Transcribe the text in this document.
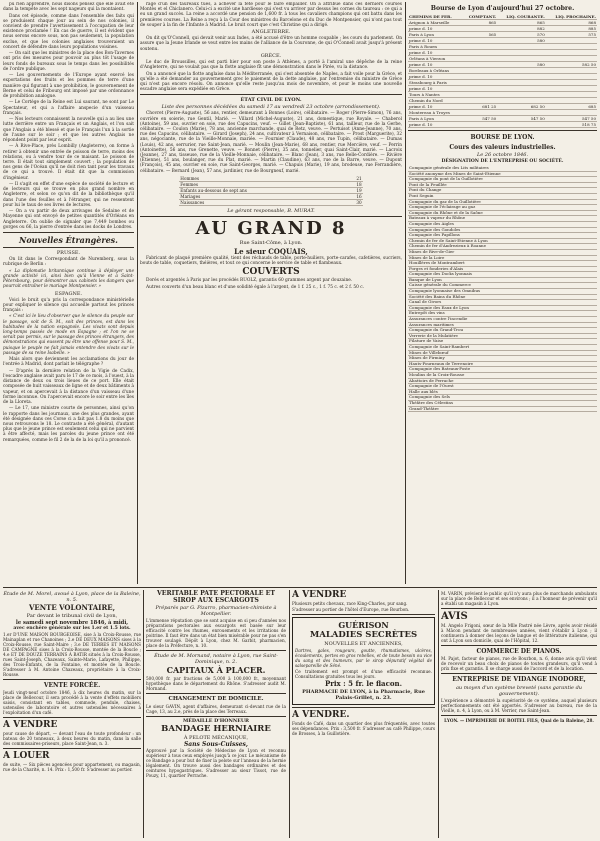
pu rien apprendre, nous disons pensez que elle avait été dans la tempête avec les sept nageurs qui la montaient.

Dans cet épisode, comme dans l'ensemble des faits qui se produisent chaque jour au sein de nos colonies, il convient de prendre l'avertissement à l'occupation de leur existence proclamée ! En cas de guerre, il est évident que nous serons encore sous, non pas seulement, la population exclue, et que les colonies anglaises trouveraient un concert de défendre dans leurs populations voisines.

— On sait que les ministres de la place des Bon-Tavernes ont pris des mesures pour pouvoir au plus tôt l'usage de leurs fonds de bureaux sous le temps dans les possibilités de l'ordre publique.

— Les gouvernements de l'Europe ayant exercé les exportations des fruits et les pommes de terre d'une manière qui figurant à une prohibition, le gouvernement de Berne et celui de Fribourg ont imposé par une ordonnance de prohibition analogue.

— Le Cortège de la Reine est Lui saurant, ne sont par Le Spectateur, et qui a l'affaire anspecie d'un vaisseau français.

— Nos lecteurs connaissent la nouvelle qui a au lieu une lutte derrière entre un Français et un Anglais, et l'on sait que l'Anglais a été blessé et que le Français l'un à la sortie de l'aune sur le soir ; et que les autres Anglais ne répondent point par leur esprit.

— À Rive-Place, près Lombilly (Angleterre), on forme à retirer à obtenir une entrée de poisson de terre, moins des relations, ou à vendre tour de ce maisant. Le poisson de terre. Il était tout simplement couvert ; la population de nos gens de l'Océan qu'il ne doit rien tant pour les travaux de ce qui a trouvé. Il était dit que la commission d'ingénieur.

— Il s'agit en effet d'une espèce de société de lecture et de lecteurs qui se trouve en plus grand nombre en Angleterre, et selon ce qu'on dit de la bibliothèque qu'il dans l'une des feuilles et à l'étranger, qui ne ressentent pour lui le taux de ses livres de lectures.

— On a vu partir de deux arrivages de Sedaine et de Mayenne qui ont envoyé de petites quantités d'Orléans en Angleterre. On oublie de signaler que 7,449 bombes ou gorges ou 66, la pierre d'entrée dans les docks de Londres.

Nouvelles Étrangères.
PRUSSE.

On lit dans le Correspondant de Nuremberg, sous la rubrique de Berlin :

« La diplomatie britannique continue à déployer une grande activité ici, ainsi bien qu'à Vienne et à Saint-Pétersbourg, pour démontrer aux cabinets les dangers que pourrait entraîner le mariage Montpensier. »

ESPAGNE.

Voici le bruit qu'a pris la correspondance ministérielle pour expliquer le silence qui accueille partout les princes français :

« C'est ici le lieu d'observer que le silence du peuple sur le passage, soit de S. M., soit des princes, est dans les habitudes de la nation espagnole. Les vivats sont depuis long-temps passés de mode en Espagne ; et l'on ne se serait pas permis, sur le passage des princes étrangers, des démonstrations qui eussent pu être une offense pour S. M., puisque le peuple ne fait jamais entendre des vivats sur le passage de sa reine Isabelle. »

Mais alors que deviennent les acclamations du jour de l'entrée à Madrid, dont parlait le télégraphe ?

— D'après la dernière relation de la Vigie de Cadix, l'escadre anglaise avait paru le 17 de ce mois, à l'ouest, à la distance de deux ou trois lieues de ce port. Elle était composée de huit vaisseaux de ligne et de deux bâtiments à vapeur, et on apercevait à la distance d'un vaisseau d'une forme inconnue. On l'apercevait encore le soir entre les îles de la Lloreta.

— Le 17, une ministre courte de personnes, ainsi qu'on le rapporte dans les journaux, une des plus grandes, ayant été désignée dans ces Corse ci a fait pas 1.8 du moins que nous retrouvons le 18. Le contraste a été général, d'autant plus que le jeune prince est seulement celui qui ne parvient à être affecté, mais les paroles du jeune prince ont été remarquées, comme le fil 2 de la de la loi qu'il a prononcé.

rage d'un des taureaux tués, à achever la fête pour le faire empailler. On a attribué dans ces derniers courses Montès et el Chiclanero. Celui-ci a excité une hardiesse qui s'est vu arriver par dessus les cornes du taureau : ce qui a eu un grand succès. La reine a accordé une pension de 1,600 fr. à tous les cavaliers champions qui ont battu dans les premières courses. La Reine a reçu à la Cour des ministres du Barcelone et du Duc de Montpensier, qui n'ont pas tout de souper à la fin de l'Infante à Madrid. Le bruit court que c'est Christine qui a dirigé.

ANGLETERRE.

On dit qu'O'Connell, qui devait venir aux Indes, a été accusé d'être un homme coupable ; les cours du parlement. On assure que la Jeune Irlande se veut entre les mains de l'alliance de la Couronne, de qui O'Connell avait jusqu'à présent soutenu.

GRÈCE.

Le duc de Broussilles, qui est parti hier pour son poste à Athènes, a porté à l'amiral une dépêche de la reine d'Angleterre, qui ne voulait pas que la flotte anglaise fît une démonstration dans le Pirée, vu la distance.

On a annoncé que la flotte anglaise dans la Méditerranée, qui s'est absentée de Naples, a fait voile pour la Grèce, et qu'elle a été demander au gouvernement grec le paiement de la dette anglaise, par l'entremise du ministre de Grèce qui n'est pas encore résolu. On annonce qu'elle reste jusqu'au mois de novembre, et pour le moins une nouvelle escadre anglaise sera expédiée en Grèce.

ÉTAT CIVIL DE LYON.
Liste des personnes décédées du samedi 17 au vendredi 23 octobre (arrondissement).

Chovret (Pierre-Auguste), 56 ans, rentier, demeurant à Bonnes (Loire), célibataire. — Roger (Pierre-Simon), 76 ans, ouvrière en soierie, rue Gentil, Marié. — Villard (Michel-Auguste), 21 ans, domestique, rue Royale. — Chaberol (Antoine), 59 ans, ouvrier en soie, rue des Capucins, veuf. — Gillet (Jean-Baptiste), 61 ans, tailleur, rue de la Gerbe, célibataire. — Coulon (Marie), 78 ans, ancienne marchande, quai de Retz, veuve. — Pertuisot (Anne-Jeanne), 70 ans, rue des Capucins, célibataire. — Girard (Joseph), 24 ans, cultivateur à Vernaison, célibataire. — Prost (Marguerite), 32 ans, négociante, rue de la Vieille-Monnaie, mariée. — Fournier (Claude), 48 ans, rue Tupin, célibataire. — Dumas (Louis), 42 ans, serrurier, rue Saint-Jean, marié. — Moulin (Jean-Marie), 68 ans, rentier, rue Mercière, veuf. — Perrin (Antoinette), 56 ans, rue Grenette, veuve. — Bonnet (Pierre), 35 ans, tonnelier, quai Saint-Clair, marié. — Lacroix (Jeanne), 27 ans, tisseuse, rue de la Vieille-Monnaie, célibataire. — Blanc (Jean), 3 ans, rue Belle-Cordière. — Rivière (Étienne), 51 ans, boulanger, rue du Plat, marié. — Martin (Claudine), 63 ans, rue de la Barre, veuve. — Dupont (François), 45 ans, ouvrier en soie, rue Saint-Georges, marié. — Chapuis (Marie), 19 ans, brodeuse, rue Ferrandière, célibataire. — Bernard (Jean), 57 ans, jardinier, rue de Bourgneuf, marié.

Hommes	21
Femmes	18
Enfants au-dessous de sept ans	19
Mariages	16
Naissances	30
Le gérant responsable, B. MURAT.
AU GRAND 8
Rue Saint-Côme, à Lyon.
Le sieur COQUAIS,

Fabricant de plaqué première qualité, tient des réchauds de table, porte-huiliers, porte-carafes, cafetières, sucriers, bouts de table, coquetiers, théières, et tout ce qui concerne le service de table et flambeaux.

COUVERTS

Dorés et argentés à Paris par les procédés RUOLZ, garantis 60 grammes argent par douzaine.

Autres couverts d'un beau blanc et d'une solidité égale à l'argent, de 1 f. 25 c., 1 f. 75 c. et 2 f. 50 c.

Bourse de Lyon d'aujourd'hui 27 octobre.
CHEMINS DE FER.	COMPTANT.	LIQ. COURANTE.	LIQ. PROCHAINE.
Avignon à Marseille	865	865	868
prime d. 10		882	885
Paris à Lyon	565	570	575
prime d. 10		580	
Paris à Rouen			
prime d. 10			
Orléans à Vierzon			
prime d. 10		580	582 50
Bordeaux à Orléans			
prime d. 10			
Strasbourg à Paris			
prime d. 10			
Tours à Nantes			
Chemin du Nord			
prime d. 10	681 25	682 50	685
Montereau à Troyes			
Paris à Lyon	547 50	547 50	547 50
prime d. 10			518 75
BOURSE DE LYON.
Cours des valeurs industrielles.
Le 26 octobre 1846.
DÉSIGNATION DE L'ENTREPRISE OU SOCIÉTÉ.
Compagnie générale des Lits militaires
Société anonyme des Mines de Saint-Étienne
Compagnie du pont de la Guillotière
Pont de la Feuillée
Pont du Change
Pont Seguin
Compagnie du gaz de la Guillotière
Compagnie de l'éclairage au gaz
Compagnie du Rhône et de la Saône
Bateaux à vapeur du Rhône
Compagnie des Aigles
Compagnie des Gondoles
Compagnie des Papillons
Chemin de fer de Saint-Étienne à Lyon
Chemin de fer d'Andrezieux à Roanne
Mines de Rive-de-Gier
Mines de la Loire
Houillères de Montrambert
Forges et fonderies d'Alais
Compagnie des Docks lyonnais
Banque de Lyon
Caisse générale du Commerce
Compagnie lyonnaise des Omnibus
Société des Bains du Rhône
Canal de Givors
Compagnie des Eaux de Lyon
Entrepôt des vins
Assurances contre l'incendie
Assurances maritimes
Compagnie du Grand-Trou
Verrerie de la Mulatière
Filature de Vaise
Compagnie de Saint-Rambert
Mines de Villebœuf
Mines de Firminy
Hauts-Fourneaux de Terrenoire
Compagnie des Bateaux-Poste
Moulins de la Croix-Rousse
Abattoirs de Perrache
Compagnie de l'Ouest
Halle aux blés
Compagnie des Sels
Théâtre des Célestins
Grand-Théâtre
Étude de M. Morel, avoué à Lyon, place de la Baleine, n. 5.
VENTE VOLONTAIRE,
Par devant le tribunal civil de Lyon,
le samedi sept novembre 1846, à midi,
avec enchère générale sur les 1.er et 1.5 lots.

1.er D'UNE MAISON BOURGEOISE, sise à la Croix-Rousse, rue Mainaplan et rue Chanoines ; 2.e DE DEUX MAISONS sises à la Croix-Rousse, rue Saint-Maire ; 3.e DE TERRES ET MAISONS DE CAMPAGNE sises à la Croix-Rousse, montée de la Boucle ; 4.e ET DE DOUZE TERRAINS À BATIR situés à la Croix-Rousse, rues Saint-Joseph, Chazeaux, Sainte-Marie, Lafayette, Philippe, des Trois-Enfants, de la Fontaine, et montée de la Boucle. S'adresser à M. Antoine Chazeaux, propriétaire à la Croix-Rousse.

VENTE FORCÉE.

Jeudi vingt-neuf octobre 1846, à dix heures du matin, sur la place de Bellecour, il sera procédé à la vente d'effets mobiliers saisis, consistant en tables, commode, pendule, chaises, ustensiles de laboratoire et autres ustensiles nécessaires à l'exploitation d'un café.

A VENDRE

pour cause de départ, — devant l'eau de toute profondeur : un bateau de 20 tonneaux, à deux heures du matin, dans la salle des commissaires-priseurs, place Saint-Jean, n. 3.

A LOUER

de suite, — Six pièces agencées pour appartement, ou magasin, rue de la Charité, n. 14. Prix : 1,500 fr. S'adresser au portier.

VÉRITABLE PATE PECTORALE ET SIROP AUX ESCARGOTS
Préparés par G. Pizarro, pharmacien-chimiste à Montpellier.

L'immense réputation que se sont acquise en si peu d'années nos préparations pectorales aux escargots est basée sur leur efficacité contre les rhumes, enrouements et les irritations de poitrine. Il faut être dans un état bien misérable pour ne pas s'en trouver soulagé. Dépôt à Lyon, chez M. Garbit, pharmacien, place de la Préfecture, n. 10.

Étude de M. Mornand, notaire à Lyon, rue Saint-Dominique, n. 2.
CAPITAUX À PLACER.

500,000 fr. par fractions de 5,000 à 100,000 fr., moyennant hypothèque dans le département du Rhône. S'adresser audit M. Mornand.

CHANGEMENT DE DOMICILE.

Le sieur GAVIN, agent d'affaires, demeurant ci-devant rue de la Cage, 13, au 2.e, près de la place des Terreaux.

MÉDAILLE D'HONNEUR
BANDAGE HERNIAIRE
À PELOTE MÉCANIQUE,
Sans Sous-Cuisses,

Approuvé par la Société de Médecine de Lyon et reconnu supérieur à tous ceux employés jusqu'à ce jour. Le mécanisme de ce Bandage a pour but de fixer la pelote sur l'anneau de la hernie légalement. On trouve aussi des bandages ordinaires et des ceintures hypogastriques. S'adresser au sieur Tissot, rue de Pouzy, 11, quartier Perrache.

A VENDRE

Plusieurs petits chevaux, race King-Charles, pur sang.

S'adresser au portier de l'hôtel d'Europe, rue Bourbon.

GUÉRISON
MALADIES SECRÈTES
NOUVELLES ET ANCIENNES,

Dartres, gales, rougeurs, goutte, rhumatismes, ulcères, écoulements, pertes en gros rebelles, et de toute besoin ou vice du sang et des humeurs, par le sirop dépuratif végétal de salsepareille de Séné.

Ce traitement est prompt et d'une efficacité reconnue. Consultations gratuites tous les jours.

Prix : 5 fr. le flacon.
PHARMACIE DE LYON, à la Pharmacie, Rue Palais-Grillet, n. 23.
A VENDRE.

Fonds de Café, dans un quartier des plus fréquentés, avec toutes ses dépendances. Prix : 3,500 fr. S'adresser au café Philippe, cours de Brosses, à la Guillotière.

M. VARIN, prévient le public qu'il n'y aura plus de marchands ambulants sur la place de Bellecour et ses environs ; il a l'honneur de prévenir qu'il a établi un magasin à Lyon.

AVIS

M. Angelo Frigoni, sœur de la Mlle Pastré née Lèvre, après avoir résidé à Mâcon pendant de nombreuses années, vient s'établir à Lyon ; il continuera à donner des leçons de langue et de littérature italienne, qui ont à Lyon son domicile, quai de l'Hôpital, 12.

COMMERCE DE PIANOS.

M. Pajot, facteur de pianos, rue de Bourbon, n. 6, donne avis qu'il vient de recevoir un beau choix de pianos de toutes grandeurs, qu'il vend à prix fixe et garantis. Il se charge aussi de l'accord et de la location.

ENTREPRISE DE VIDANGE INODORE,
au moyen d'un système breveté (sans garantie du gouvernement).

L'expérience a démontré la supériorité de ce système, auquel plusieurs perfectionnements ont été apportés. S'adresser au bureau, rue de la Vieille, n. 4, à Lyon, ou à M. Verrier, rue Saint-Jean.

LYON. — IMPRIMERIE DE BOITEL FILS, Quai de la Baleine, 28.
